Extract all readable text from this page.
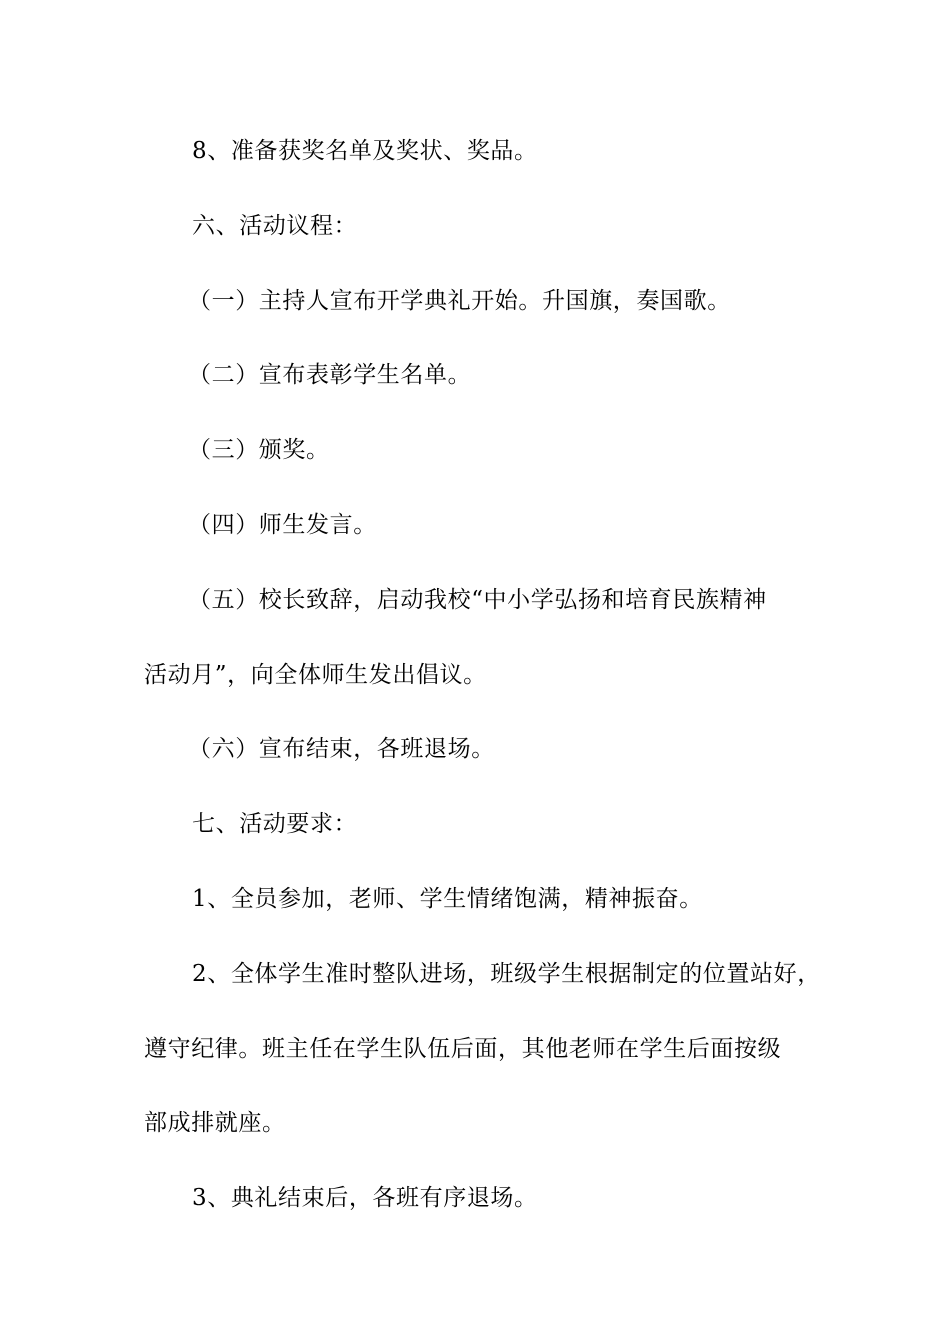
8、准备获奖名单及奖状、奖品。
六、活动议程：
（一）主持人宣布开学典礼开始。升国旗，奏国歌。
（二）宣布表彰学生名单。
（三）颁奖。
（四）师生发言。
（五）校长致辞，启动我校“中小学弘扬和培育民族精神
活动月”，向全体师生发出倡议。
（六）宣布结束，各班退场。
七、活动要求：
1、全员参加，老师、学生情绪饱满，精神振奋。
2、全体学生准时整队进场，班级学生根据制定的位置站好，
遵守纪律。班主任在学生队伍后面，其他老师在学生后面按级
部成排就座。
3、典礼结束后，各班有序退场。
